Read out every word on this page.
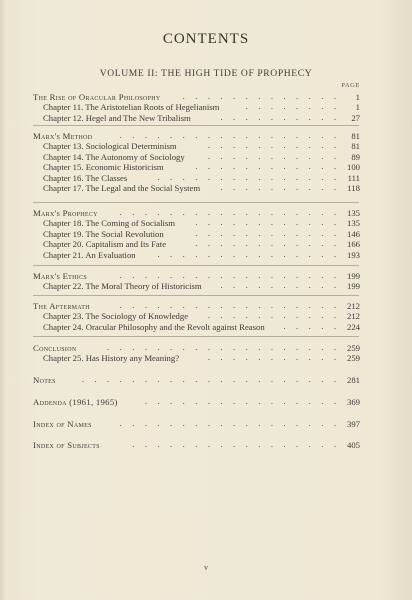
CONTENTS
VOLUME II: THE HIGH TIDE OF PROPHECY
PAGE
The Rise of Oracular Philosophy	.  .  .  .  .  .  .  .  .  .  .  .  .	1
Chapter 11. The Aristotelian Roots of Hegelianism	.  .  .  .  .  .  .  .	1
Chapter 12. Hegel and The New Tribalism	.  .  .  .  .  .  .  .  .  .	27
Marx's Method	.  .  .  .  .  .  .  .  .  .  .  .  .  .  .  .  .  .	81
Chapter 13. Sociological Determinism	.  .  .  .  .  .  .  .  .  .  .	81
Chapter 14. The Autonomy of Sociology	.  .  .  .  .  .  .  .  .  .  .	89
Chapter 15. Economic Historicism	.  .  .  .  .  .  .  .  .  .  .  .	100
Chapter 16. The Classes	.  .  .  .  .  .  .  .  .  .  .  .  .  .  .	111
Chapter 17. The Legal and the Social System	.  .  .  .  .  .  .  .  .  .	118
Marx's Prophecy	.  .  .  .  .  .  .  .  .  .  .  .  .  .  .  .  .  .	135
Chapter 18. The Coming of Socialism	.  .  .  .  .  .  .  .  .  .  .  .	135
Chapter 19. The Social Revolution	.  .  .  .  .  .  .  .  .  .  .  .	146
Chapter 20. Capitalism and Its Fate	.  .  .  .  .  .  .  .  .  .  .  .	166
Chapter 21. An Evaluation	.  .  .  .  .  .  .  .  .  .  .  .  .  .  .	193
Marx's Ethics	.  .  .  .  .  .  .  .  .  .  .  .  .  .  .  .  .  .	199
Chapter 22. The Moral Theory of Historicism	.  .  .  .  .  .  .  .  .  .	199
The Aftermath	.  .  .  .  .  .  .  .  .  .  .  .  .  .  .  .  .  .	212
Chapter 23. The Sociology of Knowledge	.  .  .  .  .  .  .  .  .  .  .	212
Chapter 24. Oracular Philosophy and the Revolt against Reason	.  .  .  .  .	224
Conclusion	.  .  .  .  .  .  .  .  .  .  .  .  .  .  .  .  .  .  .	259
Chapter 25. Has History any Meaning?	.  .  .  .  .  .  .  .  .  .  .	259
Notes	.  .  .  .  .  .  .  .  .  .  .  .  .  .  .  .  .  .  .  .  .	281
Addenda (1961, 1965)	.  .  .  .  .  .  .  .  .  .  .  .  .  .  .  .	369
Index of Names	.  .  .  .  .  .  .  .  .  .  .  .  .  .  .  .  .  .	397
Index of Subjects	.  .  .  .  .  .  .  .  .  .  .  .  .  .  .  .  .	405
v
